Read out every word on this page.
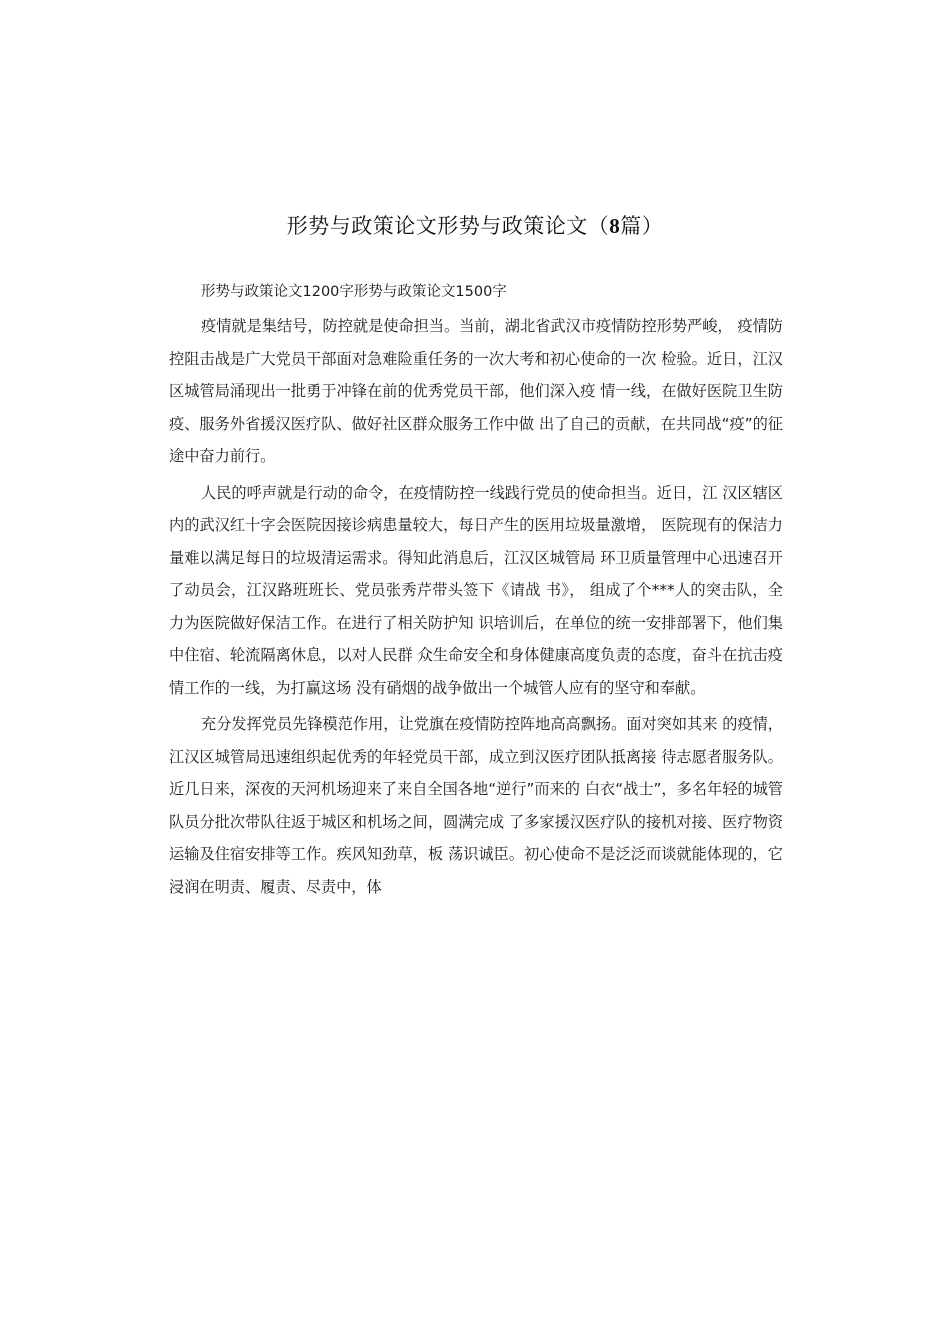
形势与政策论文形势与政策论文（8篇）
形势与政策论文1200字形势与政策论文1500字

疫情就是集结号，防控就是使命担当。当前，湖北省武汉市疫情防控形势严峻， 疫情防控阻击战是广大党员干部面对急难险重任务的一次大考和初心使命的一次 检验。近日，江汉区城管局涌现出一批勇于冲锋在前的优秀党员干部，他们深入疫 情一线，在做好医院卫生防疫、服务外省援汉医疗队、做好社区群众服务工作中做 出了自己的贡献，在共同战“疫”的征途中奋力前行。

人民的呼声就是行动的命令，在疫情防控一线践行党员的使命担当。近日，江 汉区辖区内的武汉红十字会医院因接诊病患量较大，每日产生的医用垃圾量激增， 医院现有的保洁力量难以满足每日的垃圾清运需求。得知此消息后，江汉区城管局 环卫质量管理中心迅速召开了动员会，江汉路班班长、党员张秀芹带头签下《请战 书》， 组成了个***人的突击队，全力为医院做好保洁工作。在进行了相关防护知 识培训后，在单位的统一安排部署下，他们集中住宿、轮流隔离休息，以对人民群 众生命安全和身体健康高度负责的态度，奋斗在抗击疫情工作的一线，为打赢这场 没有硝烟的战争做出一个城管人应有的坚守和奉献。

充分发挥党员先锋模范作用，让党旗在疫情防控阵地高高飘扬。面对突如其来 的疫情，江汉区城管局迅速组织起优秀的年轻党员干部，成立到汉医疗团队抵离接 待志愿者服务队。近几日来，深夜的天河机场迎来了来自全国各地“逆行”而来的 白衣“战士”，多名年轻的城管队员分批次带队往返于城区和机场之间，圆满完成 了多家援汉医疗队的接机对接、医疗物资运输及住宿安排等工作。疾风知劲草，板 荡识诚臣。初心使命不是泛泛而谈就能体现的，它浸润在明责、履责、尽责中，体
